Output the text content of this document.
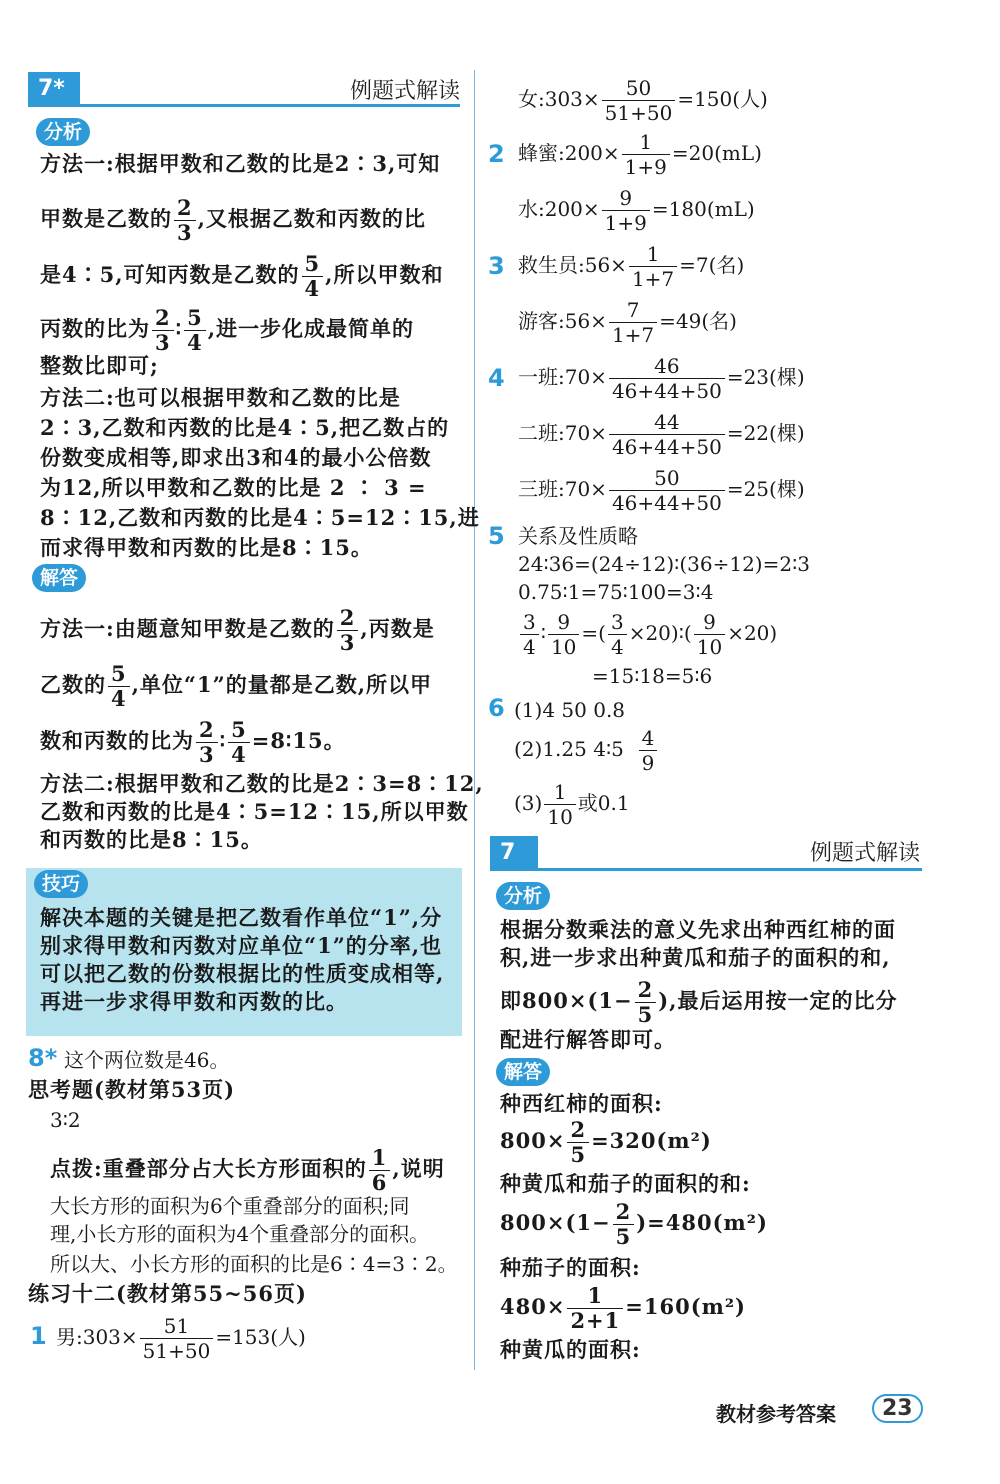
7*	例题式解读
分析
方法一:根据甲数和乙数的比是2∶3,可知
甲数是乙数的 $\frac{2}{3}$ ,又根据乙数和丙数的比
是4∶5,可知丙数是乙数的 $\frac{5}{4}$ ,所以甲数和
丙数的比为 $\frac{2}{3}$ ∶ $\frac{5}{4}$ ,进一步化成最简单的
整数比即可;
方法二:也可以根据甲数和乙数的比是
2∶3,乙数和丙数的比是4∶5,把乙数占的
份数变成相等,即求出3和4的最小公倍数
为12,所以甲数和乙数的比是 2 ∶ 3 =
8∶12,乙数和丙数的比是4∶5=12∶15,进
而求得甲数和丙数的比是8∶15。
解答
方法一:由题意知甲数是乙数的 $\frac{2}{3}$ ,丙数是
乙数的 $\frac{5}{4}$ ,单位“1”的量都是乙数,所以甲
数和丙数的比为 $\frac{2}{3}$ ∶ $\frac{5}{4}$ =8∶15。
方法二:根据甲数和乙数的比是2∶3=8∶12,
乙数和丙数的比是4∶5=12∶15,所以甲数
和丙数的比是8∶15。
技巧
解决本题的关键是把乙数看作单位“1”,分
别求得甲数和丙数对应单位“1”的分率,也
可以把乙数的份数根据比的性质变成相等,
再进一步求得甲数和丙数的比。
8* 这个两位数是46。
思考题(教材第53页)
3∶2
点拨:重叠部分占大长方形面积的 $\frac{1}{6}$ ,说明
大长方形的面积为6个重叠部分的面积;同
理,小长方形的面积为4个重叠部分的面积。
所以大、小长方形的面积的比是6∶4=3∶2。
练习十二(教材第55~56页)
1 男:303× $\frac{51}{51+50} =153$(人)
女:303× $\frac{50}{51+50} =150$(人)
2 蜂蜜:200× $\frac{1}{1+9} =20(mL)$
水:200× $\frac{9}{1+9} =180(mL)$
3 救生员:56× $\frac{1}{1+7} =7$(名)
游客:56× $\frac{7}{1+7} =49$(名)
4 一班:70× $\frac{46}{46+44+50} =23$(棵)
二班:70× $\frac{44}{46+44+50} =22$(棵)
三班:70× $\frac{50}{46+44+50} =25$(棵)
5 关系及性质略
24∶36=(24÷12)∶(36÷12)=2∶3
0.75∶1=75∶100=3∶4
$\frac{3}{4}$ ∶ $\frac{9}{10}$ =( $\frac{3}{4}$ ×20)∶( $\frac{9}{10} \times 20$)
=15∶18=5∶6
6 (1)4 50 0.8
(2)1.25 4∶5 $\frac{4}{9}$
$(3) \frac{1}{10}$ 或0.1
7	例题式解读
分析
根据分数乘法的意义先求出种西红柿的面
积,进一步求出种黄瓜和茄子的面积的和,
即$800\times(1- \frac{2}{5}$ ),最后运用按一定的比分
配进行解答即可。
解答
种西红柿的面积:
$800\times \frac{2}{5} =320(m^2)$
种黄瓜和茄子的面积的和:
$800\times(1- \frac{2}{5} )=480(m^2)$
种茄子的面积:
$480\times \frac{1}{2+1} =160(m^2)$
种黄瓜的面积:
教材参考答案	23
